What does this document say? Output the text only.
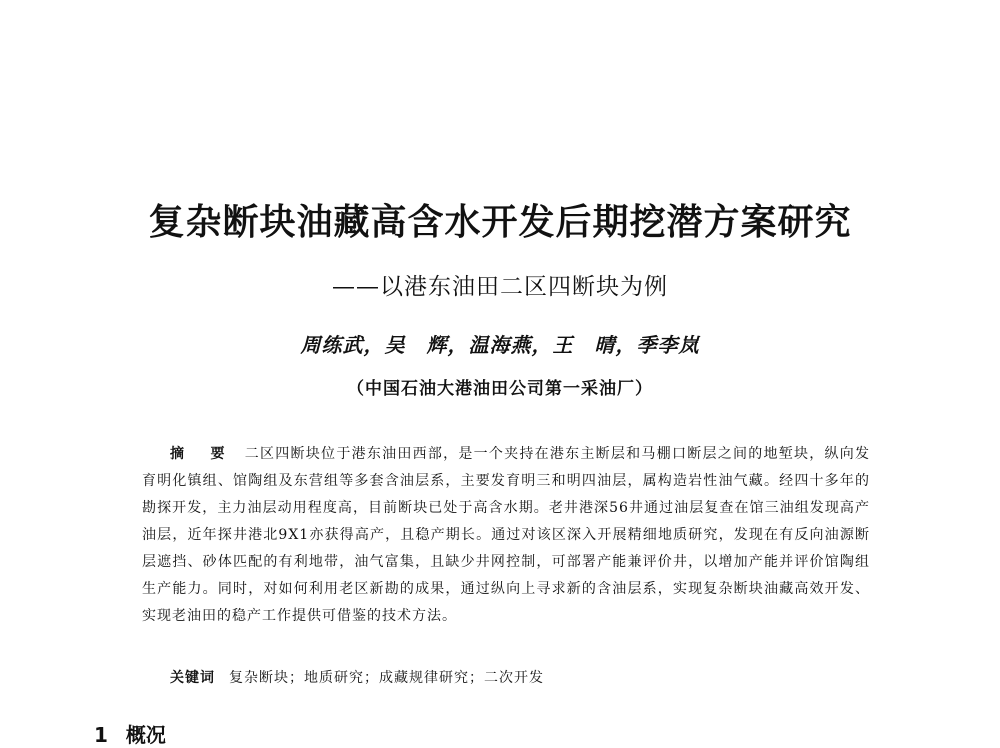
复杂断块油藏高含水开发后期挖潜方案研究
——以港东油田二区四断块为例
周练武，吴　辉，温海燕，王　晴，季李岚
（中国石油大港油田公司第一采油厂）
摘　要 二区四断块位于港东油田西部，是一个夹持在港东主断层和马棚口断层之间的地堑块，纵向发育明化镇组、馆陶组及东营组等多套含油层系，主要发育明三和明四油层，属构造岩性油气藏。经四十多年的勘探开发，主力油层动用程度高，目前断块已处于高含水期。老井港深56井通过油层复查在馆三油组发现高产油层，近年探井港北9X1亦获得高产，且稳产期长。通过对该区深入开展精细地质研究，发现在有反向油源断层遮挡、砂体匹配的有利地带，油气富集，且缺少井网控制，可部署产能兼评价井，以增加产能并评价馆陶组生产能力。同时，对如何利用老区新勘的成果，通过纵向上寻求新的含油层系，实现复杂断块油藏高效开发、实现老油田的稳产工作提供可借鉴的技术方法。
关键词 复杂断块；地质研究；成藏规律研究；二次开发
1 概况
